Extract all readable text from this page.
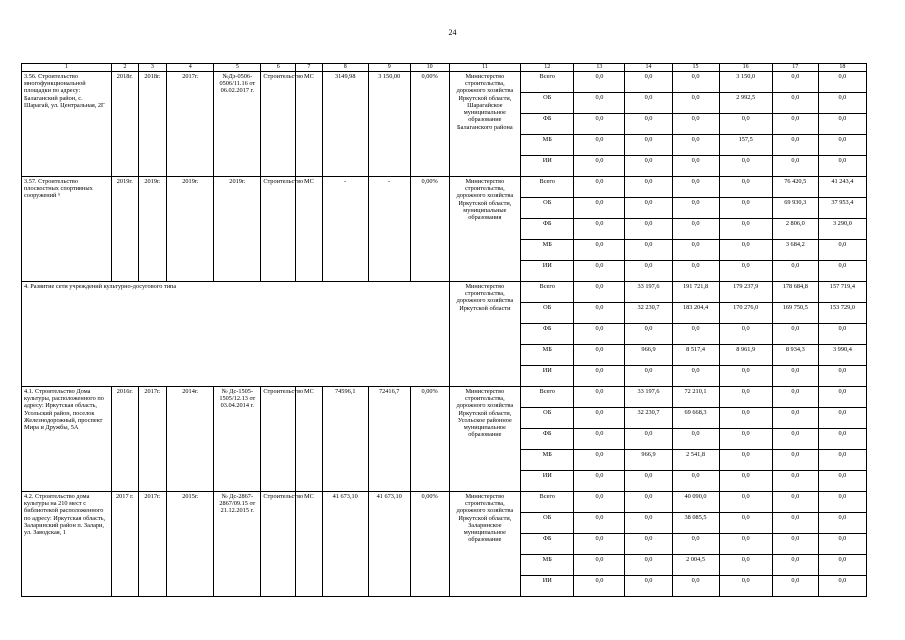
24
1	2	3	4	5	6	7	8	9	10	11	12	13	14	15	16	17	18
3.56. Строительство многофункциональной площадки по адресу: Балаганский район, с. Шарагай, ул. Центральная, 2Г	2018г.	2018г.	2017г.	№Дз-0506-0506/11.16 от 06.02.2017 г.	Строительство	МС	3149,98	3 150,00	0,00%	Министерство строительства, дорожного хозяйства Иркутской области, Шарагайское муниципальное образование Балаганского района	Всего	0,0	0,0	0,0	3 150,0	0,0	0,0
											ОБ	0,0	0,0	0,0	2 992,5	0,0	0,0
											ФБ	0,0	0,0	0,0	0,0	0,0	0,0
											МБ	0,0	0,0	0,0	157,5	0,0	0,0
											ИИ	0,0	0,0	0,0	0,0	0,0	0,0
3.57. Строительство плоскостных спортивных сооружений ⁵	2019г.	2019г.	2019г.	2019г.	Строительство	МС	-	-	0,00%	Министерство строительства, дорожного хозяйства Иркутской области, муниципальные образования	Всего	0,0	0,0	0,0	0,0	76 420,5	41 243,4
											ОБ	0,0	0,0	0,0	0,0	69 930,3	37 953,4
											ФБ	0,0	0,0	0,0	0,0	2 806,0	3 290,0
											МБ	0,0	0,0	0,0	0,0	3 684,2	0,0
											ИИ	0,0	0,0	0,0	0,0	0,0	0,0
4. Развитие сети учреждений культурно-досугового типа										Министерство строительства, дорожного хозяйства Иркутской области	Всего	0,0	33 197,6	191 721,8	179 237,9	178 684,8	157 719,4
											ОБ	0,0	32 230,7	183 204,4	170 276,0	169 750,5	153 729,0
											ФБ	0,0	0,0	0,0	0,0	0,0	0,0
											МБ	0,0	966,9	8 517,4	8 961,9	8 934,3	3 990,4
											ИИ	0,0	0,0	0,0	0,0	0,0	0,0
4.1. Строительство Дома культуры, расположенного по адресу: Иркутская область, Усольский район, поселок Железнодорожный, проспект Мира и Дружбы, 5А	2016г.	2017г.	2014г.	№ Дс-1505-1505/12.13 от 03.04.2014 г.	Строительство	МС	74596,1	72416,7	0,00%	Министерство строительства, дорожного хозяйства Иркутской области, Усольское районное муниципальное образование	Всего	0,0	33 197,6	72 210,1	0,0	0,0	0,0
											ОБ	0,0	32 230,7	69 668,3	0,0	0,0	0,0
											ФБ	0,0	0,0	0,0	0,0	0,0	0,0
											МБ	0,0	966,9	2 541,8	0,0	0,0	0,0
											ИИ	0,0	0,0	0,0	0,0	0,0	0,0
4.2. Строительство дома культуры на 210 мест с библиотекой расположенного по адресу: Иркутская область, Заларинский район п. Залари, ул. Заводская, 1	2017 г.	2017г.	2015г.	№ Дс-2867-2867/09.15 от 21.12.2015 г.	Строительство	МС	41 673,10	41 673,10	0,00%	Министерство строительства, дорожного хозяйства Иркутской области, Заларинское муниципальное образование	Всего	0,0	0,0	40 090,0	0,0	0,0	0,0
											ОБ	0,0	0,0	38 085,5	0,0	0,0	0,0
											ФБ	0,0	0,0	0,0	0,0	0,0	0,0
											МБ	0,0	0,0	2 004,5	0,0	0,0	0,0
											ИИ	0,0	0,0	0,0	0,0	0,0	0,0
